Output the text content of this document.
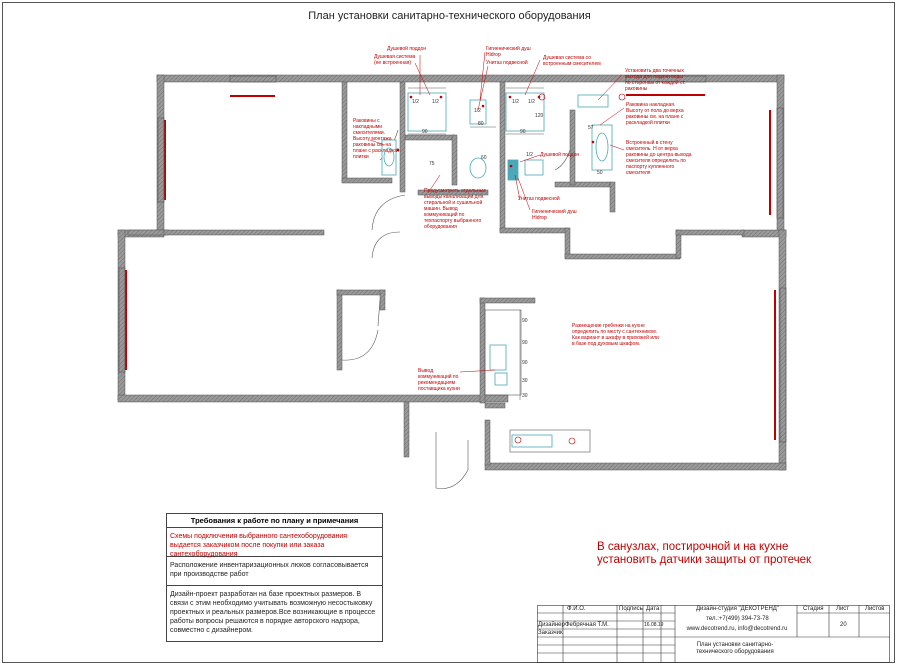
План установки санитарно-технического оборудования
Душевой поддон
Душевая система (не встроенная)
Гигиенический душ Hidrop
Унитаз подвесной
Душевая система со встроенным смесителем
Установить два точечных выхода для подачи воды по сторонам от каждой ст. раковины
Раковины с накладными смесителями. Высоту монтажа раковины см. на плане с раскладкой плитки
Раковина накладная. Высоту от пола до верха раковины см. на плане с раскладкой плитки
Встроенный в стену смеситель. Н от верха раковины до центра выхода смесителя определить по паспорту купленного смесителя
Душевой поддон
Предусмотреть отдельные выводы канализации для стиральной и сушильной машин. Вывод коммуникаций по техпаспорту выбранного оборудования
Унитаз подвесной
Гигиенический душ Hidrop
Размещение гребенки на кухне определить по месту с сантехником. Как вариант в шкафу в прихожей или в базе под духовым шкафом.
Вывод коммуникаций по рекомендациям поставщика кухни
1/2	1/2
1/2
1/2 1/2
1/2
90
80
90
60
75
120
50
57
90
90
90
30
30
Требования к работе по плану и примечания
Схемы подключения выбранного сантехоборудования выдается заказчиком после покупки или заказа сантехоборудования
Расположение инвентаризационных люков согласовывается при производстве работ
Дизайн-проект разработан на базе проектных размеров. В связи с этим необходимо учитывать возможную несостыковку проектных и реальных размеров.Все возникающие в процессе работы вопросы решаются в порядке авторского надзора, совместно с дизайнером.
В санузлах, постирочной и на кухне установить датчики защиты от протечек
Ф.И.О.	Подпись Дата
Дизайнер Фебрячная Т.М.	16.08.19
Заказчик
Дизайн-студия "ДЕКОТРЕНД"
тел.:+7(499) 394-73-78
www.decotrend.ru, info@decotrend.ru
Стадия Лист	Листов
20
План установки санитарно-технического оборудования
